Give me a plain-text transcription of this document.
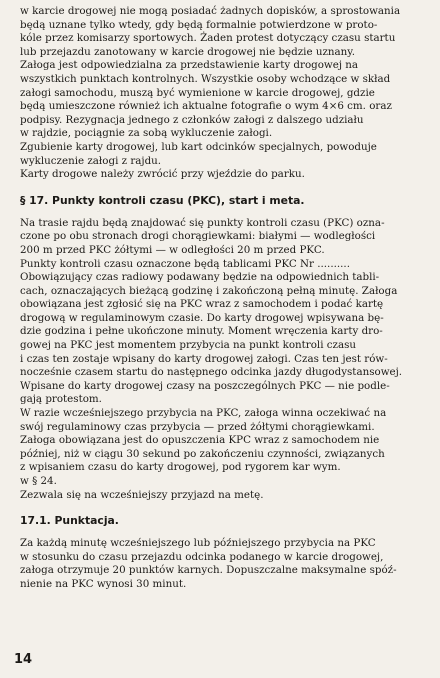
w karcie drogowej nie mogą posiadać żadnych dopisków, a sprostowania
będą uznane tylko wtedy, gdy będą formalnie potwierdzone w proto-
kóle przez komisarzy sportowych. Żaden protest dotyczący czasu startu
lub przejazdu zanotowany w karcie drogowej nie będzie uznany.
Załoga jest odpowiedzialna za przedstawienie karty drogowej na
wszystkich punktach kontrolnych. Wszystkie osoby wchodzące w skład
załogi samochodu, muszą być wymienione w karcie drogowej, gdzie
będą umieszczone również ich aktualne fotografie o wym 4×6 cm. oraz
podpisy. Rezygnacja jednego z członków załogi z dalszego udziału
w rajdzie, pociągnie za sobą wykluczenie załogi.
Zgubienie karty drogowej, lub kart odcinków specjalnych, powoduje
wykluczenie załogi z rajdu.
Karty drogowe należy zwrócić przy wjeździe do parku.
§ 17. Punkty kontroli czasu (PKC), start i meta.
Na trasie rajdu będą znajdować się punkty kontroli czasu (PKC) ozna-
czone po obu stronach drogi chorągiewkami: białymi — wodległości
200 m przed PKC żółtymi — w odległości 20 m przed PKC.
Punkty kontroli czasu oznaczone będą tablicami PKC Nr ..........
Obowiązujący czas radiowy podawany będzie na odpowiednich tabli-
cach, oznaczających bieżącą godzinę i zakończoną pełną minutę. Załoga
obowiązana jest zgłosić się na PKC wraz z samochodem i podać kartę
drogową w regulaminowym czasie. Do karty drogowej wpisywana bę-
dzie godzina i pełne ukończone minuty. Moment wręczenia karty dro-
gowej na PKC jest momentem przybycia na punkt kontroli czasu
i czas ten zostaje wpisany do karty drogowej załogi. Czas ten jest rów-
nocześnie czasem startu do następnego odcinka jazdy długodystansowej.
Wpisane do karty drogowej czasy na poszczególnych PKC — nie podle-
gają protestom.
W razie wcześniejszego przybycia na PKC, załoga winna oczekiwać na
swój regulaminowy czas przybycia — przed żółtymi chorągiewkami.
Załoga obowiązana jest do opuszczenia KPC wraz z samochodem nie
później, niż w ciągu 30 sekund po zakończeniu czynności, związanych
z wpisaniem czasu do karty drogowej, pod rygorem kar wym.
w § 24.
Zezwala się na wcześniejszy przyjazd na metę.
17.1. Punktacja.
Za każdą minutę wcześniejszego lub późniejszego przybycia na PKC
w stosunku do czasu przejazdu odcinka podanego w karcie drogowej,
załoga otrzymuje 20 punktów karnych. Dopuszczalne maksymalne spóź-
nienie na PKC wynosi 30 minut.
14
